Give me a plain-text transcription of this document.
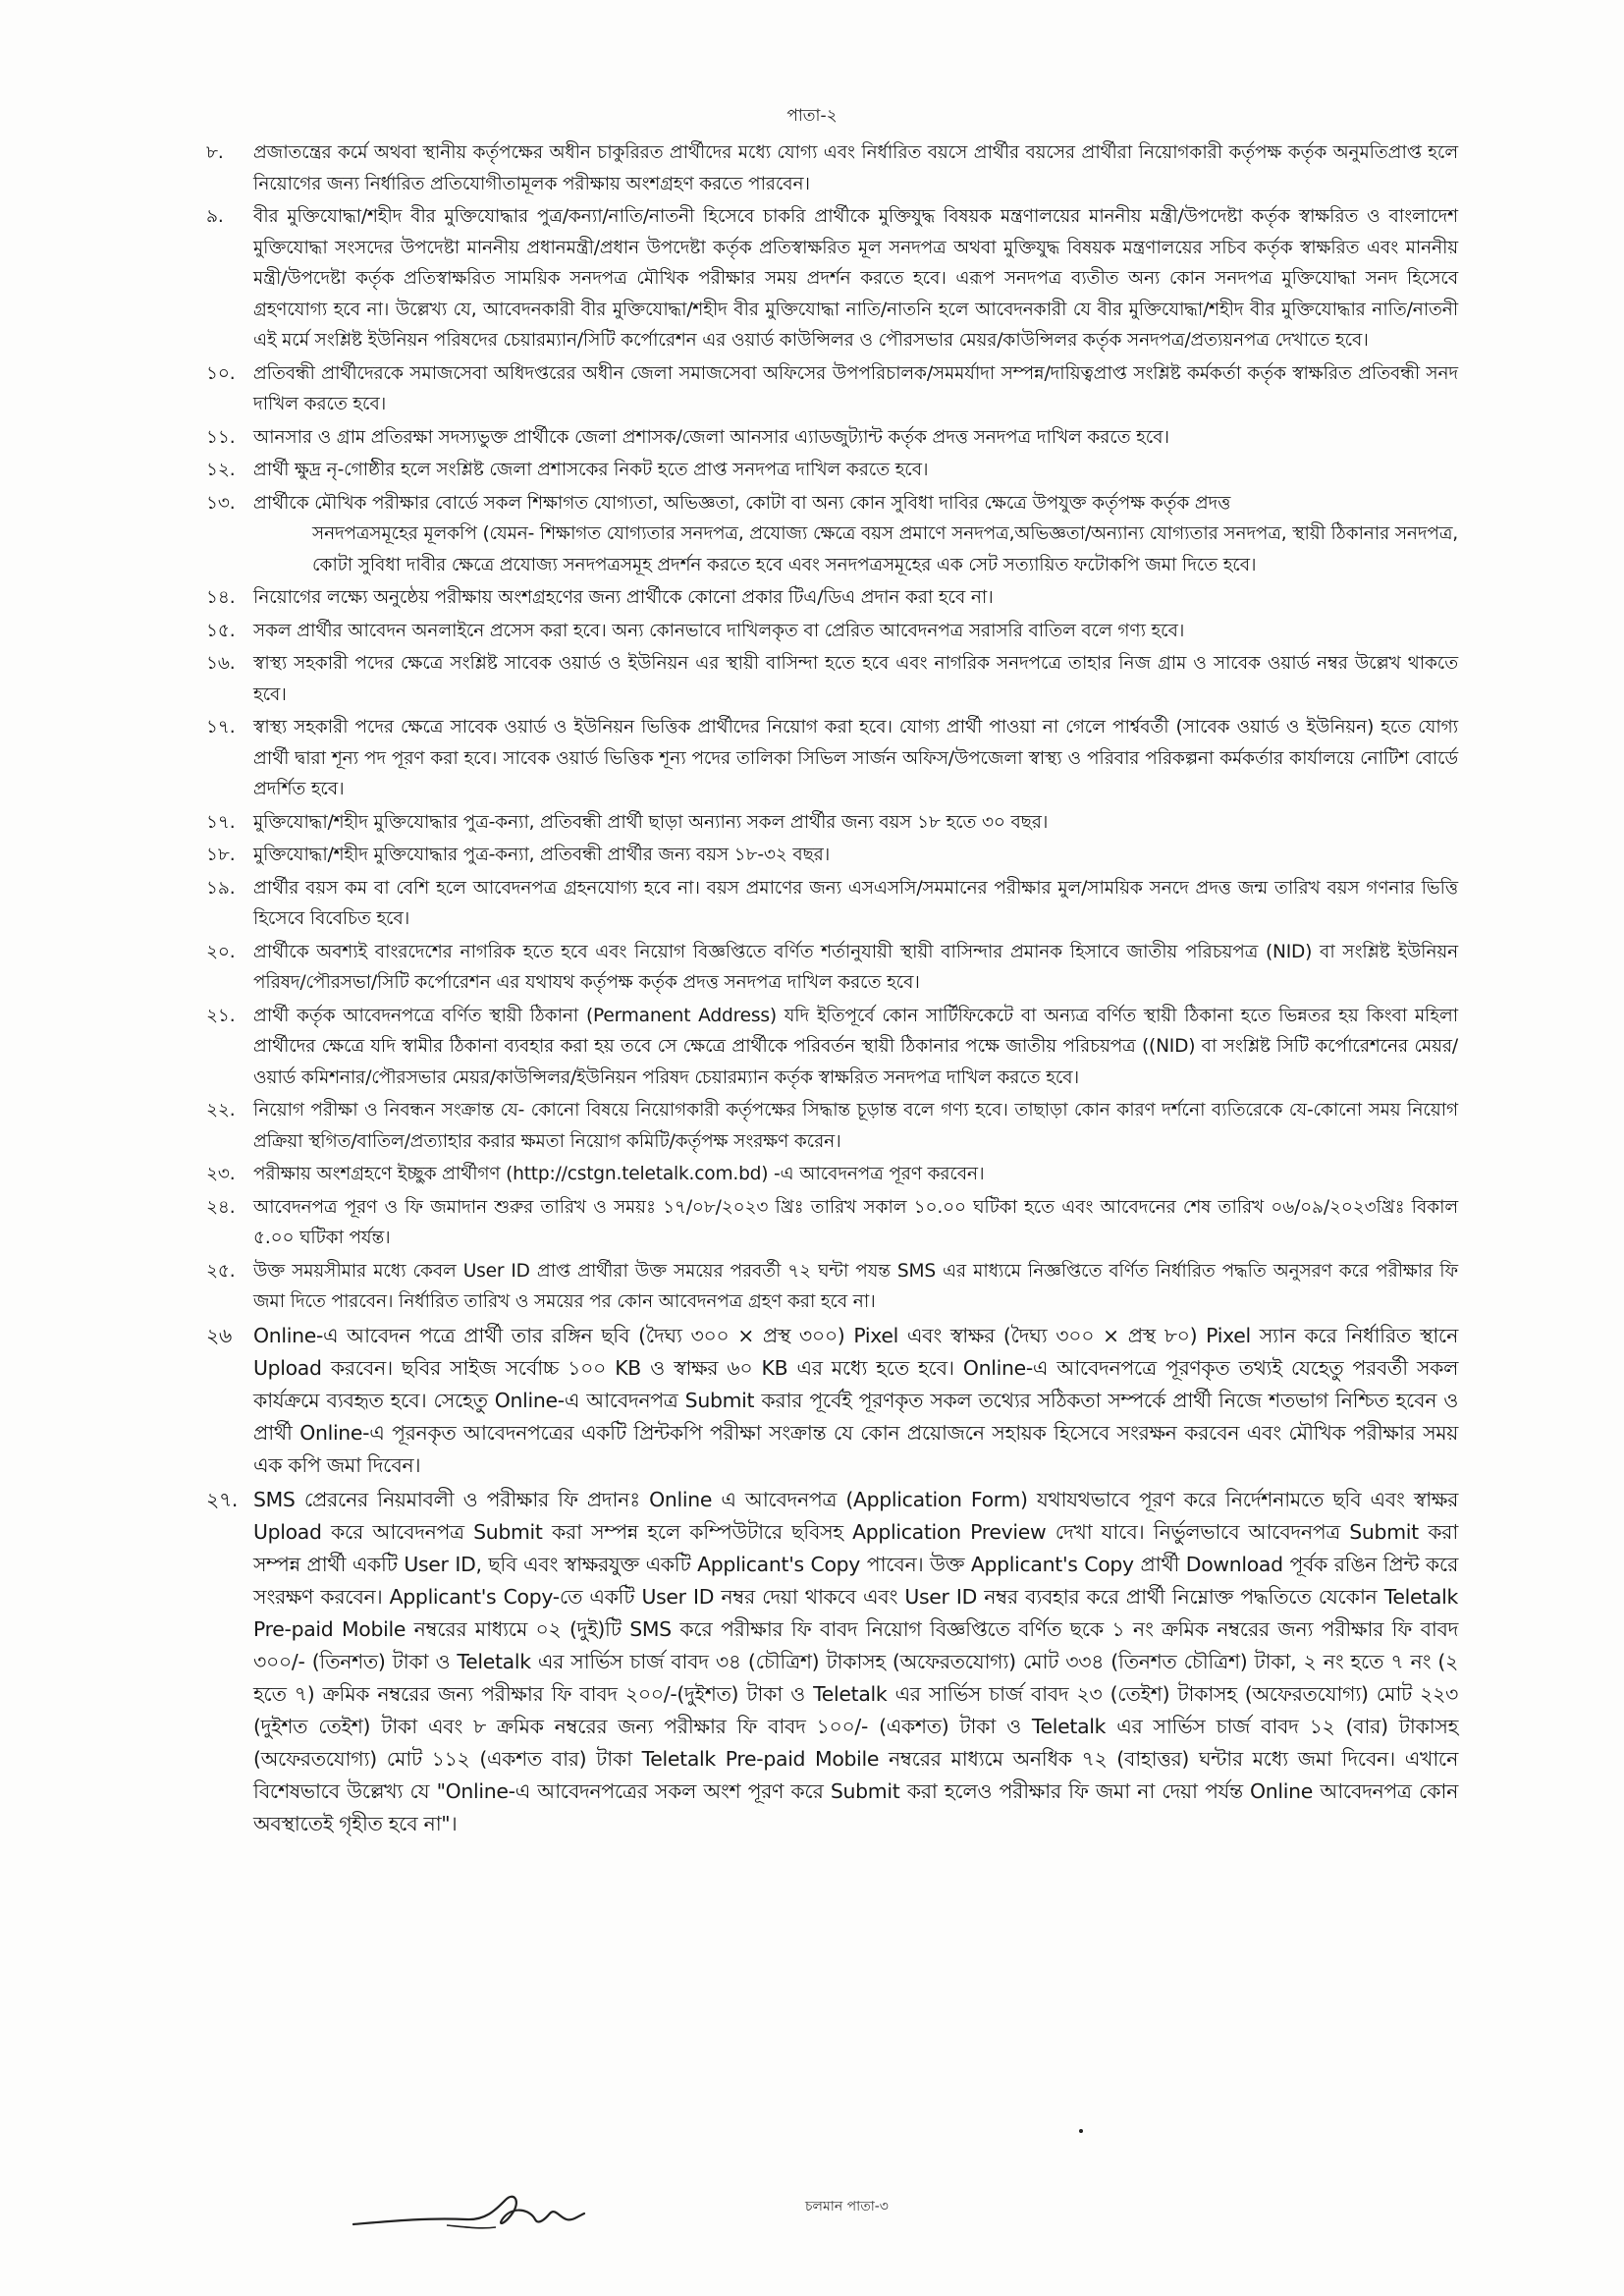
পাতা-২
৮.	প্রজাতন্ত্রের কর্মে অথবা স্থানীয় কর্তৃপক্ষের অধীন চাকুরিরত প্রার্থীদের মধ্যে যোগ্য এবং নির্ধারিত বয়সে প্রার্থীর বয়সের প্রার্থীরা নিয়োগকারী কর্তৃপক্ষ কর্তৃক অনুমতিপ্রাপ্ত হলে নিয়োগের জন্য নির্ধারিত প্রতিযোগীতামূলক পরীক্ষায় অংশগ্রহণ করতে পারবেন।
৯.	বীর মুক্তিযোদ্ধা/শহীদ বীর মুক্তিযোদ্ধার পুত্র/কন্যা/নাতি/নাতনী হিসেবে চাকরি প্রার্থীকে মুক্তিযুদ্ধ বিষয়ক মন্ত্রণালয়ের মাননীয় মন্ত্রী/উপদেষ্টা কর্তৃক স্বাক্ষরিত ও বাংলাদেশ মুক্তিযোদ্ধা সংসদের উপদেষ্টা মাননীয় প্রধানমন্ত্রী/প্রধান উপদেষ্টা কর্তৃক প্রতিস্বাক্ষরিত মূল সনদপত্র অথবা মুক্তিযুদ্ধ বিষয়ক মন্ত্রণালয়ের সচিব কর্তৃক স্বাক্ষরিত এবং মাননীয় মন্ত্রী/উপদেষ্টা কর্তৃক প্রতিস্বাক্ষরিত সাময়িক সনদপত্র মৌখিক পরীক্ষার সময় প্রদর্শন করতে হবে। এরূপ সনদপত্র ব্যতীত অন্য কোন সনদপত্র মুক্তিযোদ্ধা সনদ হিসেবে গ্রহণযোগ্য হবে না। উল্লেখ্য যে, আবেদনকারী বীর মুক্তিযোদ্ধা/শহীদ বীর মুক্তিযোদ্ধা নাতি/নাতনি হলে আবেদনকারী যে বীর মুক্তিযোদ্ধা/শহীদ বীর মুক্তিযোদ্ধার নাতি/নাতনী এই মর্মে সংশ্লিষ্ট ইউনিয়ন পরিষদের চেয়ারম্যান/সিটি কর্পোরেশন এর ওয়ার্ড কাউন্সিলর ও পৌরসভার মেয়র/কাউন্সিলর কর্তৃক সনদপত্র/প্রত্যয়নপত্র দেখাতে হবে।
১০. প্রতিবন্ধী প্রার্থীদেরকে সমাজসেবা অধিদপ্তরের অধীন জেলা সমাজসেবা অফিসের উপপরিচালক/সমমর্যাদা সম্পন্ন/দায়িত্বপ্রাপ্ত সংশ্লিষ্ট কর্মকর্তা কর্তৃক স্বাক্ষরিত প্রতিবন্ধী সনদ দাখিল করতে হবে।
১১. আনসার ও গ্রাম প্রতিরক্ষা সদস্যভুক্ত প্রার্থীকে জেলা প্রশাসক/জেলা আনসার এ্যাডজুট্যান্ট কর্তৃক প্রদত্ত সনদপত্র দাখিল করতে হবে।
১২. প্রার্থী ক্ষুদ্র নৃ-গোষ্ঠীর হলে সংশ্লিষ্ট জেলা প্রশাসকের নিকট হতে প্রাপ্ত সনদপত্র দাখিল করতে হবে।
১৩. প্রার্থীকে মৌখিক পরীক্ষার বোর্ডে সকল শিক্ষাগত যোগ্যতা, অভিজ্ঞতা, কোটা বা অন্য কোন সুবিধা দাবির ক্ষেত্রে উপযুক্ত কর্তৃপক্ষ কর্তৃক প্রদত্ত
সনদপত্রসমূহের মূলকপি (যেমন- শিক্ষাগত যোগ্যতার সনদপত্র, প্রযোজ্য ক্ষেত্রে বয়স প্রমাণে সনদপত্র,অভিজ্ঞতা/অন্যান্য যোগ্যতার সনদপত্র, স্থায়ী ঠিকানার সনদপত্র, কোটা সুবিধা দাবীর ক্ষেত্রে প্রযোজ্য সনদপত্রসমূহ প্রদর্শন করতে হবে এবং সনদপত্রসমূহের এক সেট সত্যায়িত ফটোকপি জমা দিতে হবে।
১৪. নিয়োগের লক্ষ্যে অনুষ্ঠেয় পরীক্ষায় অংশগ্রহণের জন্য প্রার্থীকে কোনো প্রকার টিএ/ডিএ প্রদান করা হবে না।
১৫. সকল প্রার্থীর আবেদন অনলাইনে প্রসেস করা হবে। অন্য কোনভাবে দাখিলকৃত বা প্রেরিত আবেদনপত্র সরাসরি বাতিল বলে গণ্য হবে।
১৬. স্বাস্থ্য সহকারী পদের ক্ষেত্রে সংশ্লিষ্ট সাবেক ওয়ার্ড ও ইউনিয়ন এর স্থায়ী বাসিন্দা হতে হবে এবং নাগরিক সনদপত্রে তাহার নিজ গ্রাম ও সাবেক ওয়ার্ড নম্বর উল্লেখ থাকতে হবে।
১৭. স্বাস্থ্য সহকারী পদের ক্ষেত্রে সাবেক ওয়ার্ড ও ইউনিয়ন ভিত্তিক প্রার্থীদের নিয়োগ করা হবে। যোগ্য প্রার্থী পাওয়া না গেলে পার্শ্ববর্তী (সাবেক ওয়ার্ড ও ইউনিয়ন) হতে যোগ্য প্রার্থী দ্বারা শূন্য পদ পূরণ করা হবে। সাবেক ওয়ার্ড ভিত্তিক শূন্য পদের তালিকা সিভিল সার্জন অফিস/উপজেলা স্বাস্থ্য ও পরিবার পরিকল্পনা কর্মকর্তার কার্যালয়ে নোটিশ বোর্ডে প্রদর্শিত হবে।
১৭. মুক্তিযোদ্ধা/শহীদ মুক্তিযোদ্ধার পুত্র-কন্যা, প্রতিবন্ধী প্রার্থী ছাড়া অন্যান্য সকল প্রার্থীর জন্য বয়স ১৮ হতে ৩০ বছর।
১৮. মুক্তিযোদ্ধা/শহীদ মুক্তিযোদ্ধার পুত্র-কন্যা, প্রতিবন্ধী প্রার্থীর জন্য বয়স ১৮-৩২ বছর।
১৯. প্রার্থীর বয়স কম বা বেশি হলে আবেদনপত্র গ্রহনযোগ্য হবে না। বয়স প্রমাণের জন্য এসএসসি/সমমানের পরীক্ষার মুল/সাময়িক সনদে প্রদত্ত জন্ম তারিখ বয়স গণনার ভিত্তি হিসেবে বিবেচিত হবে।
২০. প্রার্থীকে অবশ্যই বাংরদেশের নাগরিক হতে হবে এবং নিয়োগ বিজ্ঞপ্তিতে বর্ণিত শর্তানুযায়ী স্থায়ী বাসিন্দার প্রমানক হিসাবে জাতীয় পরিচয়পত্র (NID) বা সংশ্লিষ্ট ইউনিয়ন পরিষদ/পৌরসভা/সিটি কর্পোরেশন এর যথাযথ কর্তৃপক্ষ কর্তৃক প্রদত্ত সনদপত্র দাখিল করতে হবে।
২১. প্রার্থী কর্তৃক আবেদনপত্রে বর্ণিত স্থায়ী ঠিকানা (Permanent Address) যদি ইতিপূর্বে কোন সার্টিফিকেটে বা অন্যত্র বর্ণিত স্থায়ী ঠিকানা হতে ভিন্নতর হয় কিংবা মহিলা প্রার্থীদের ক্ষেত্রে যদি স্বামীর ঠিকানা ব্যবহার করা হয় তবে সে ক্ষেত্রে প্রার্থীকে পরিবর্তন স্থায়ী ঠিকানার পক্ষে জাতীয় পরিচয়পত্র ((NID) বা সংশ্লিষ্ট সিটি কর্পোরেশনের মেয়র/ওয়ার্ড কমিশনার/পৌরসভার মেয়র/কাউন্সিলর/ইউনিয়ন পরিষদ চেয়ারম্যান কর্তৃক স্বাক্ষরিত সনদপত্র দাখিল করতে হবে।
২২. নিয়োগ পরীক্ষা ও নিবন্ধন সংক্রান্ত যে- কোনো বিষয়ে নিয়োগকারী কর্তৃপক্ষের সিদ্ধান্ত চূড়ান্ত বলে গণ্য হবে। তাছাড়া কোন কারণ দর্শনো ব্যতিরেকে যে-কোনো সময় নিয়োগ প্রক্রিয়া স্থগিত/বাতিল/প্রত্যাহার করার ক্ষমতা নিয়োগ কমিটি/কর্তৃপক্ষ সংরক্ষণ করেন।
২৩. পরীক্ষায় অংশগ্রহণে ইচ্ছুক প্রার্থীগণ (http://cstgn.teletalk.com.bd) -এ আবেদনপত্র পূরণ করবেন।
২৪. আবেদনপত্র পূরণ ও ফি জমাদান শুরুর তারিখ ও সময়ঃ ১৭/০৮/২০২৩ খ্রিঃ তারিখ সকাল ১০.০০ ঘটিকা হতে এবং আবেদনের শেষ তারিখ ০৬/০৯/২০২৩খ্রিঃ বিকাল ৫.০০ ঘটিকা পর্যন্ত।
২৫. উক্ত সময়সীমার মধ্যে কেবল User ID প্রাপ্ত প্রার্থীরা উক্ত সময়ের পরবর্তী ৭২ ঘন্টা পযন্ত SMS এর মাধ্যমে নিজ্ঞপ্তিতে বর্ণিত নির্ধারিত পদ্ধতি অনুসরণ করে পরীক্ষার ফি জমা দিতে পারবেন। নির্ধারিত তারিখ ও সময়ের পর কোন আবেদনপত্র গ্রহণ করা হবে না।
২৬	Online-এ আবেদন পত্রে প্রার্থী তার রঙ্গিন ছবি (দৈঘ্য ৩০০ × প্রস্থ ৩০০) Pixel এবং স্বাক্ষর (দৈঘ্য ৩০০ × প্রস্থ ৮০) Pixel স্যান করে নির্ধারিত স্থানে Upload করবেন। ছবির সাইজ সর্বোচ্চ ১০০ KB ও স্বাক্ষর ৬০ KB এর মধ্যে হতে হবে। Online-এ আবেদনপত্রে পূরণকৃত তথ্যই যেহেতু পরবর্তী সকল কার্যক্রমে ব্যবহৃত হবে। সেহেতু Online-এ আবেদনপত্র Submit করার পূর্বেই পূরণকৃত সকল তথ্যের সঠিকতা সম্পর্কে প্রার্থী নিজে শতভাগ নিশ্চিত হবেন ও প্রার্থী Online-এ পূরনকৃত আবেদনপত্রের একটি প্রিন্টকপি পরীক্ষা সংক্রান্ত যে কোন প্রয়োজনে সহায়ক হিসেবে সংরক্ষন করবেন এবং মৌখিক পরীক্ষার সময় এক কপি জমা দিবেন।
২৭. SMS প্রেরনের নিয়মাবলী ও পরীক্ষার ফি প্রদানঃ Online এ আবেদনপত্র (Application Form) যথাযথভাবে পূরণ করে নির্দেশনামতে ছবি এবং স্বাক্ষর Upload করে আবেদনপত্র Submit করা সম্পন্ন হলে কম্পিউটারে ছবিসহ Application Preview দেখা যাবে। নির্ভুলভাবে আবেদনপত্র Submit করা সম্পন্ন প্রার্থী একটি User ID, ছবি এবং স্বাক্ষরযুক্ত একটি Applicant's Copy পাবেন। উক্ত Applicant's Copy প্রার্থী Download পূর্বক রঙিন প্রিন্ট করে সংরক্ষণ করবেন। Applicant's Copy-তে একটি User ID নম্বর দেয়া থাকবে এবং User ID নম্বর ব্যবহার করে প্রার্থী নিম্নোক্ত পদ্ধতিতে যেকোন Teletalk Pre-paid Mobile নম্বরের মাধ্যমে ০২ (দুই)টি SMS করে পরীক্ষার ফি বাবদ নিয়োগ বিজ্ঞপ্তিতে বর্ণিত ছকে ১ নং ক্রমিক নম্বরের জন্য পরীক্ষার ফি বাবদ ৩০০/- (তিনশত) টাকা ও Teletalk এর সার্ভিস চার্জ বাবদ ৩৪ (চৌত্রিশ) টাকাসহ (অফেরতযোগ্য) মোট ৩৩৪ (তিনশত চৌত্রিশ) টাকা, ২ নং হতে ৭ নং (২ হতে ৭) ক্রমিক নম্বরের জন্য পরীক্ষার ফি বাবদ ২০০/-(দুইশত) টাকা ও Teletalk এর সার্ভিস চার্জ বাবদ ২৩ (তেইশ) টাকাসহ (অফেরতযোগ্য) মোট ২২৩ (দুইশত তেইশ) টাকা এবং ৮ ক্রমিক নম্বরের জন্য পরীক্ষার ফি বাবদ ১০০/- (একশত) টাকা ও Teletalk এর সার্ভিস চার্জ বাবদ ১২ (বার) টাকাসহ (অফেরতযোগ্য) মোট ১১২ (একশত বার) টাকা Teletalk Pre-paid Mobile নম্বরের মাধ্যমে অনধিক ৭২ (বাহাত্তর) ঘন্টার মধ্যে জমা দিবেন। এখানে বিশেষভাবে উল্লেখ্য যে "Online-এ আবেদনপত্রের সকল অংশ পূরণ করে Submit করা হলেও পরীক্ষার ফি জমা না দেয়া পর্যন্ত Online আবেদনপত্র কোন অবস্থাতেই গৃহীত হবে না"।
চলমান পাতা-৩
